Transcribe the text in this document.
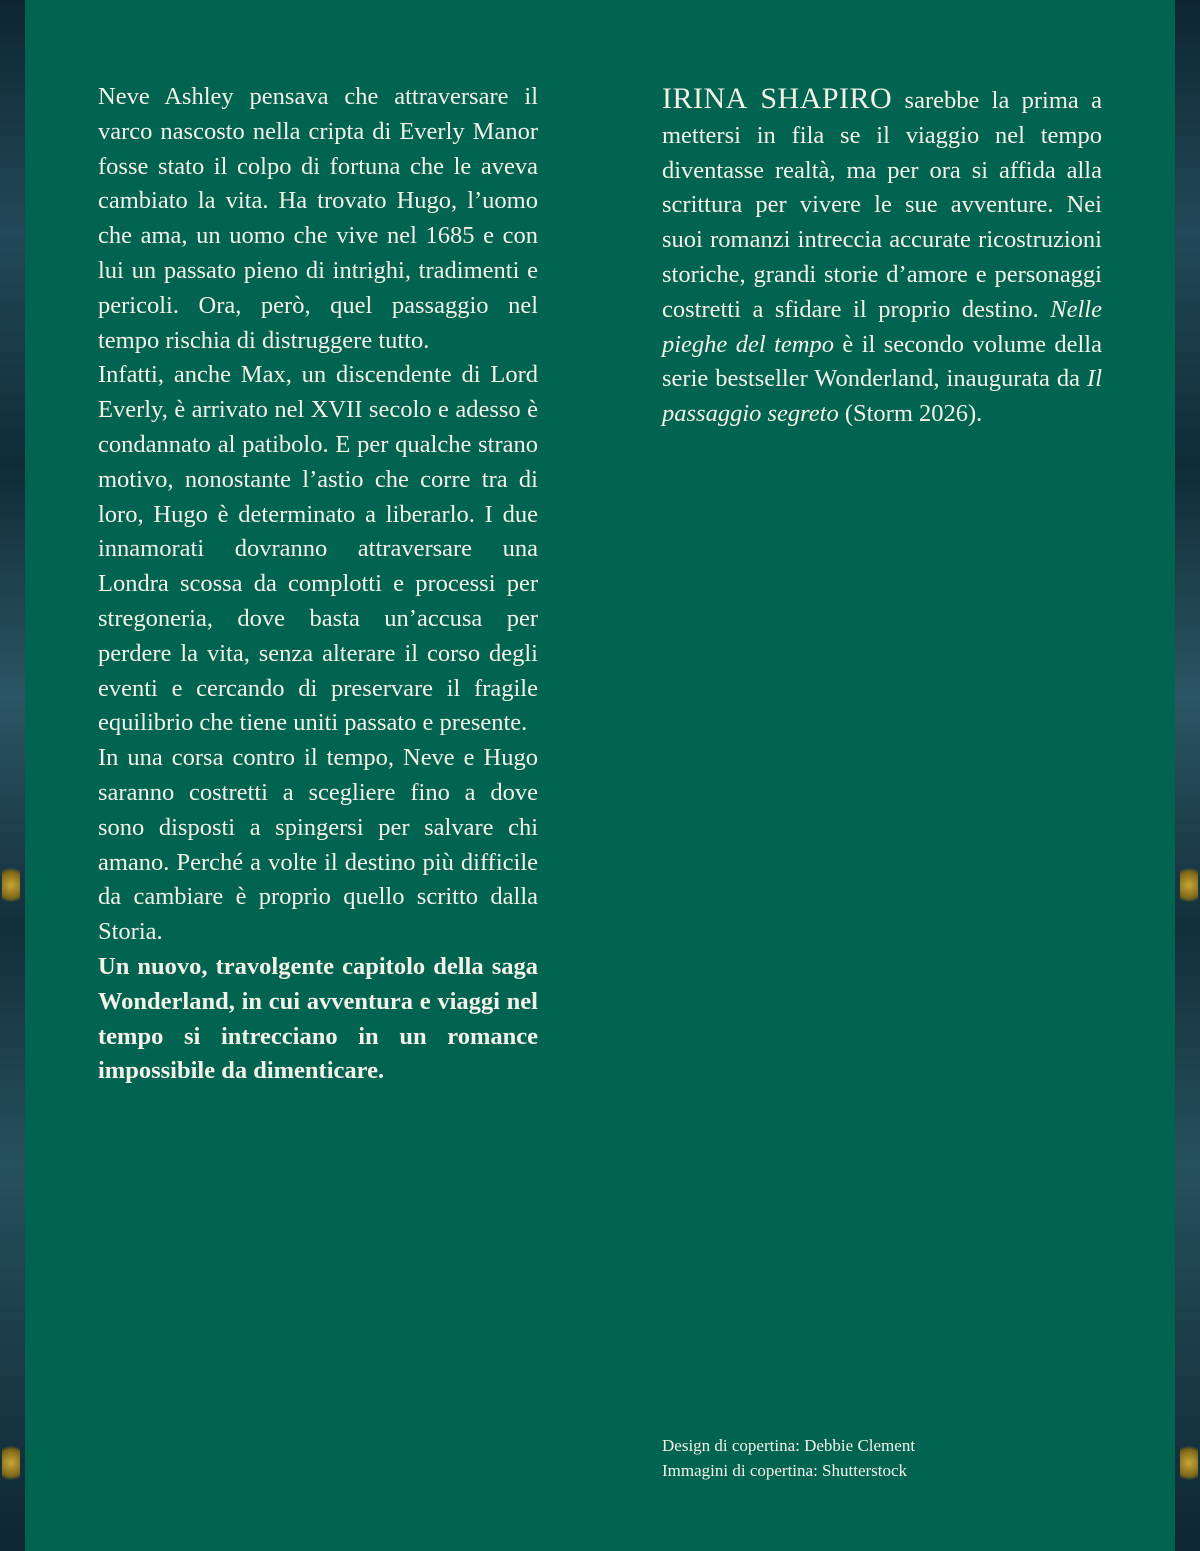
Neve Ashley pensava che attraversare il varco nascosto nella cripta di Everly Manor fosse stato il colpo di fortuna che le aveva cambiato la vita. Ha trovato Hugo, l’uomo che ama, un uomo che vive nel 1685 e con lui un passato pieno di intrighi, tradimenti e pericoli. Ora, però, quel passaggio nel tempo rischia di distruggere tutto.

Infatti, anche Max, un discendente di Lord Everly, è arrivato nel XVII secolo e adesso è condannato al patibolo. E per qualche strano motivo, nonostante l’astio che corre tra di loro, Hugo è determinato a liberarlo. I due innamorati dovranno attraversare una Londra scossa da complotti e processi per stregoneria, dove basta un’accusa per perdere la vita, senza alterare il corso degli eventi e cercando di preservare il fragile equilibrio che tiene uniti passato e presente.

In una corsa contro il tempo, Neve e Hugo saranno costretti a scegliere fino a dove sono disposti a spingersi per salvare chi amano. Perché a volte il destino più difficile da cambiare è proprio quello scritto dalla Storia.

Un nuovo, travolgente capitolo della saga Wonderland, in cui avventura e viaggi nel tempo si intrecciano in un romance impossibile da dimenticare.

IRINA SHAPIRO sarebbe la prima a mettersi in fila se il viaggio nel tempo diventasse realtà, ma per ora si affida alla scrittura per vivere le sue avventure. Nei suoi romanzi intreccia accurate ricostruzioni storiche, grandi storie d’amore e personaggi costretti a sfidare il proprio destino. Nelle pieghe del tempo è il secondo volume della serie bestseller Wonderland, inaugurata da Il passaggio segreto (Storm 2026).

Design di copertina: Debbie Clement
Immagini di copertina: Shutterstock
